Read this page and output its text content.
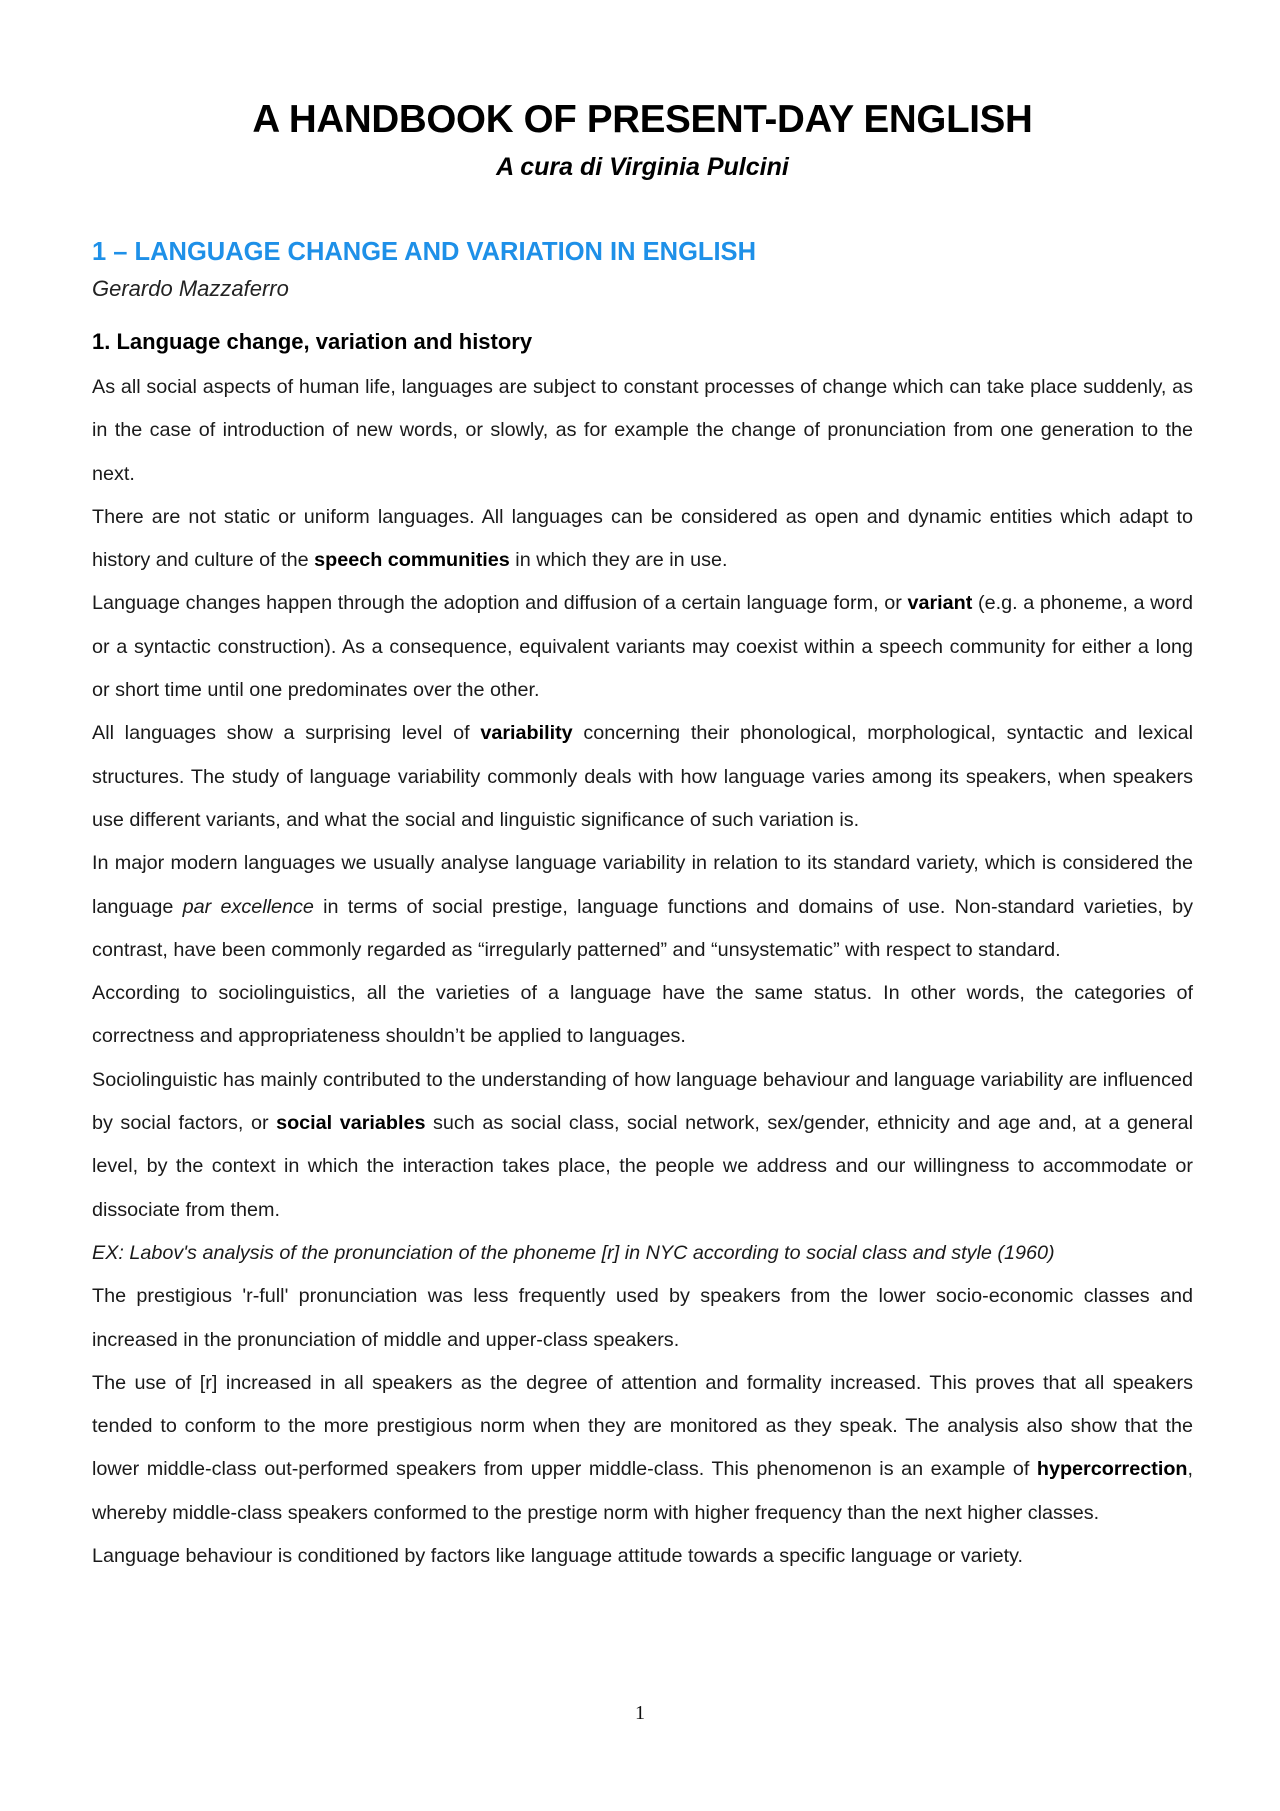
A HANDBOOK OF PRESENT-DAY ENGLISH

A cura di Virginia Pulcini

1 – LANGUAGE CHANGE AND VARIATION IN ENGLISH

Gerardo Mazzaferro

1. Language change, variation and history

As all social aspects of human life, languages are subject to constant processes of change which can take place suddenly, as in the case of introduction of new words, or slowly, as for example the change of pronunciation from one generation to the next.

There are not static or uniform languages. All languages can be considered as open and dynamic entities which adapt to history and culture of the speech communities in which they are in use.

Language changes happen through the adoption and diffusion of a certain language form, or variant (e.g. a phoneme, a word or a syntactic construction). As a consequence, equivalent variants may coexist within a speech community for either a long or short time until one predominates over the other.

All languages show a surprising level of variability concerning their phonological, morphological, syntactic and lexical structures. The study of language variability commonly deals with how language varies among its speakers, when speakers use different variants, and what the social and linguistic significance of such variation is.

In major modern languages we usually analyse language variability in relation to its standard variety, which is considered the language par excellence in terms of social prestige, language functions and domains of use. Non-standard varieties, by contrast, have been commonly regarded as “irregularly patterned” and “unsystematic” with respect to standard.

According to sociolinguistics, all the varieties of a language have the same status. In other words, the categories of correctness and appropriateness shouldn’t be applied to languages.

Sociolinguistic has mainly contributed to the understanding of how language behaviour and language variability are influenced by social factors, or social variables such as social class, social network, sex/gender, ethnicity and age and, at a general level, by the context in which the interaction takes place, the people we address and our willingness to accommodate or dissociate from them.

EX: Labov's analysis of the pronunciation of the phoneme [r] in NYC according to social class and style (1960)

The prestigious 'r-full' pronunciation was less frequently used by speakers from the lower socio-economic classes and increased in the pronunciation of middle and upper-class speakers.

The use of [r] increased in all speakers as the degree of attention and formality increased. This proves that all speakers tended to conform to the more prestigious norm when they are monitored as they speak. The analysis also show that the lower middle-class out-performed speakers from upper middle-class. This phenomenon is an example of hypercorrection, whereby middle-class speakers conformed to the prestige norm with higher frequency than the next higher classes.

Language behaviour is conditioned by factors like language attitude towards a specific language or variety.

1
